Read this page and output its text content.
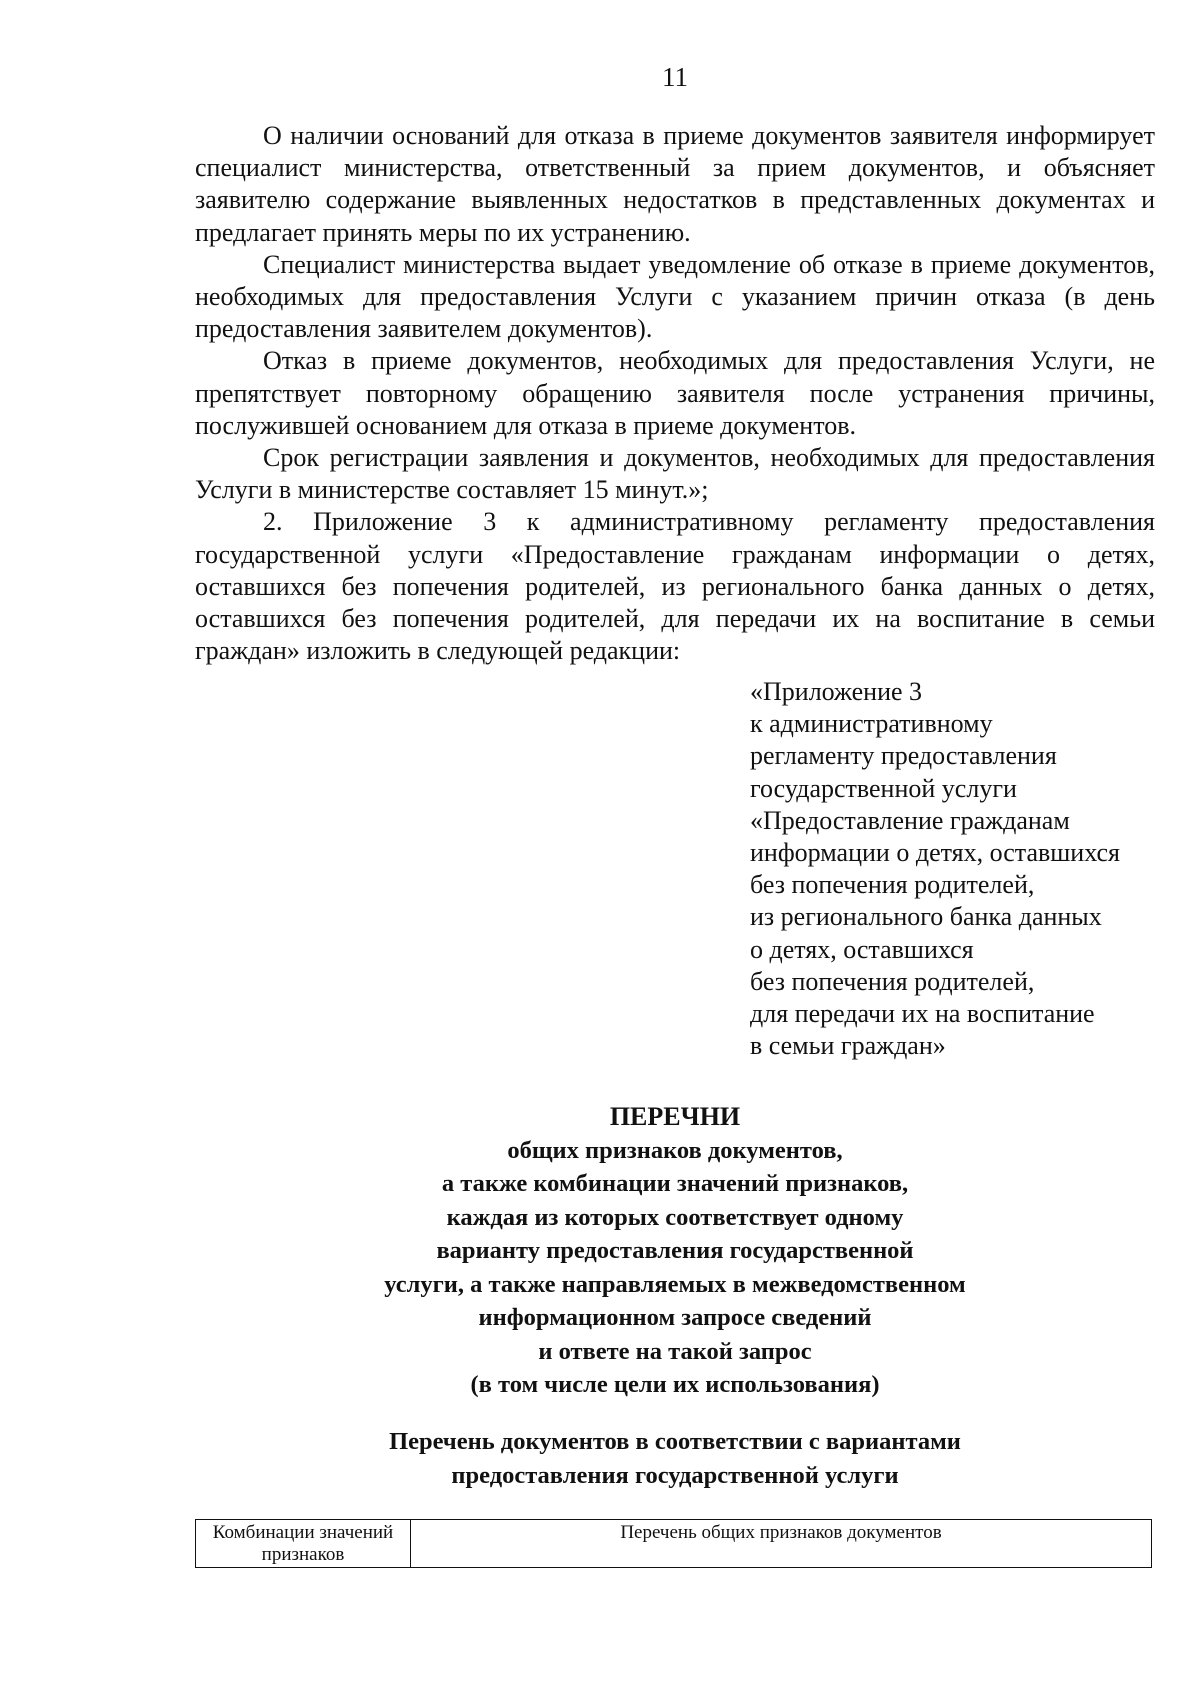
11

О наличии оснований для отказа в приеме документов заявителя информирует специалист министерства, ответственный за прием документов, и объясняет заявителю содержание выявленных недостатков в представленных документах и предлагает принять меры по их устранению.

Специалист министерства выдает уведомление об отказе в приеме документов, необходимых для предоставления Услуги с указанием причин отказа (в день предоставления заявителем документов).

Отказ в приеме документов, необходимых для предоставления Услуги, не препятствует повторному обращению заявителя после устранения причины, послужившей основанием для отказа в приеме документов.

Срок регистрации заявления и документов, необходимых для предоставления Услуги в министерстве составляет 15 минут.»;

2. Приложение 3 к административному регламенту предоставления государственной услуги «Предоставление гражданам информации о детях, оставшихся без попечения родителей, из регионального банка данных о детях, оставшихся без попечения родителей, для передачи их на воспитание в семьи граждан» изложить в следующей редакции:

«Приложение 3
к административному
регламенту предоставления
государственной услуги
«Предоставление гражданам
информации о детях, оставшихся
без попечения родителей,
из регионального банка данных
о детях, оставшихся
без попечения родителей,
для передачи их на воспитание
в семьи граждан»
ПЕРЕЧНИ
общих признаков документов,
а также комбинации значений признаков,
каждая из которых соответствует одному
варианту предоставления государственной
услуги, а также направляемых в межведомственном
информационном запросе сведений
и ответе на такой запрос
(в том числе цели их использования)
Перечень документов в соответствии с вариантами
предоставления государственной услуги
Комбинации значений признаков	Перечень общих признаков документов
